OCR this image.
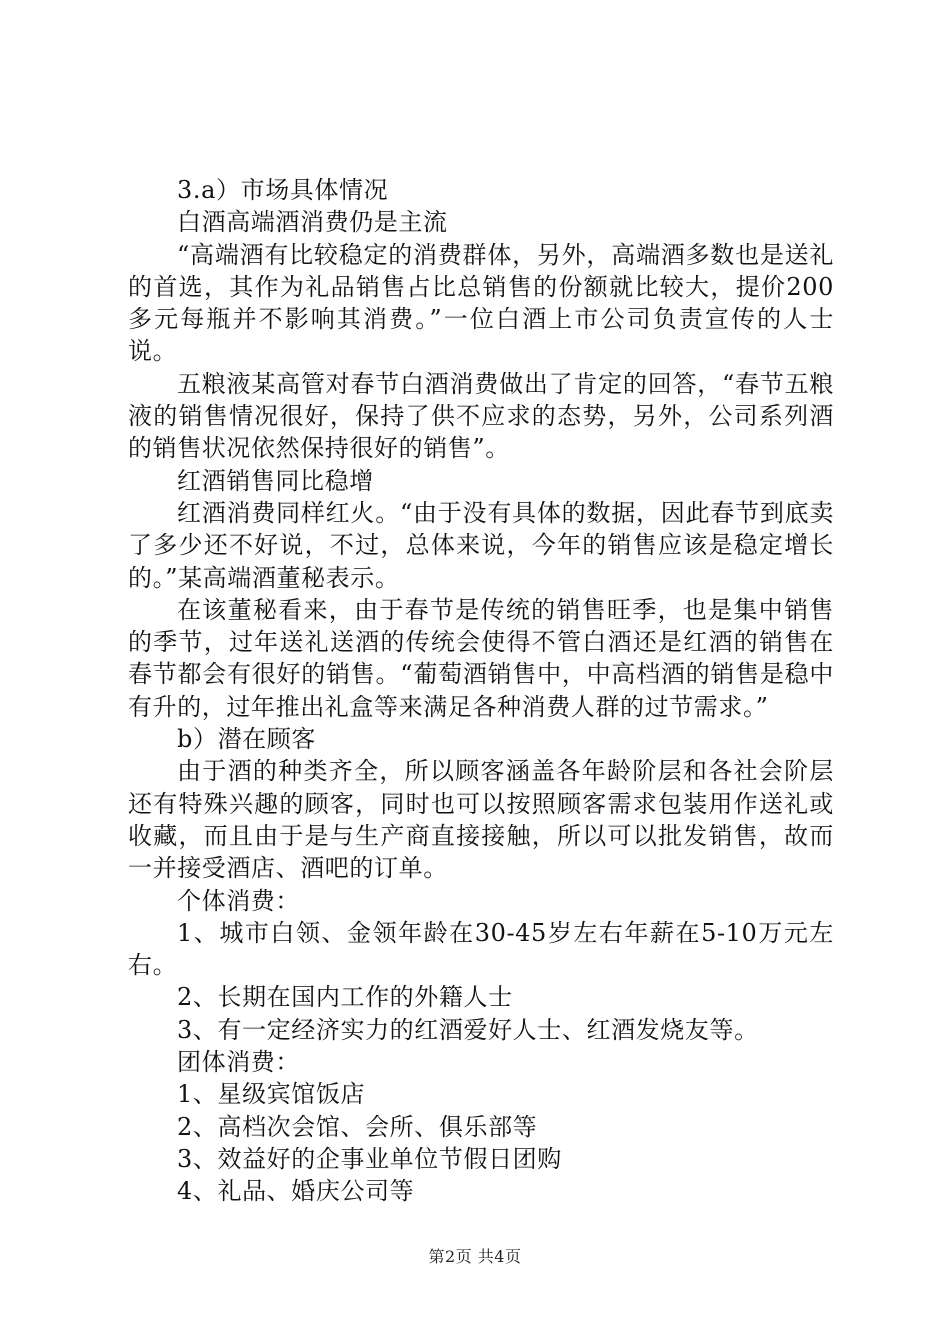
3.a）市场具体情况

白酒高端酒消费仍是主流

“高端酒有比较稳定的消费群体，另外，高端酒多数也是送礼的首选，其作为礼品销售占比总销售的份额就比较大，提价200多元每瓶并不影响其消费。”一位白酒上市公司负责宣传的人士说。

五粮液某高管对春节白酒消费做出了肯定的回答，“春节五粮液的销售情况很好，保持了供不应求的态势，另外，公司系列酒的销售状况依然保持很好的销售”。

红酒销售同比稳增

红酒消费同样红火。“由于没有具体的数据，因此春节到底卖了多少还不好说，不过，总体来说，今年的销售应该是稳定增长的。”某高端酒董秘表示。

在该董秘看来，由于春节是传统的销售旺季，也是集中销售的季节，过年送礼送酒的传统会使得不管白酒还是红酒的销售在春节都会有很好的销售。“葡萄酒销售中，中高档酒的销售是稳中有升的，过年推出礼盒等来满足各种消费人群的过节需求。”

b）潜在顾客

由于酒的种类齐全，所以顾客涵盖各年龄阶层和各社会阶层还有特殊兴趣的顾客，同时也可以按照顾客需求包装用作送礼或收藏，而且由于是与生产商直接接触，所以可以批发销售，故而一并接受酒店、酒吧的订单。

个体消费：

1、城市白领、金领年龄在30-45岁左右年薪在5-10万元左右。

2、长期在国内工作的外籍人士

3、有一定经济实力的红酒爱好人士、红酒发烧友等。

团体消费：

1、星级宾馆饭店

2、高档次会馆、会所、俱乐部等

3、效益好的企事业单位节假日团购

4、礼品、婚庆公司等

第2页 共4页
